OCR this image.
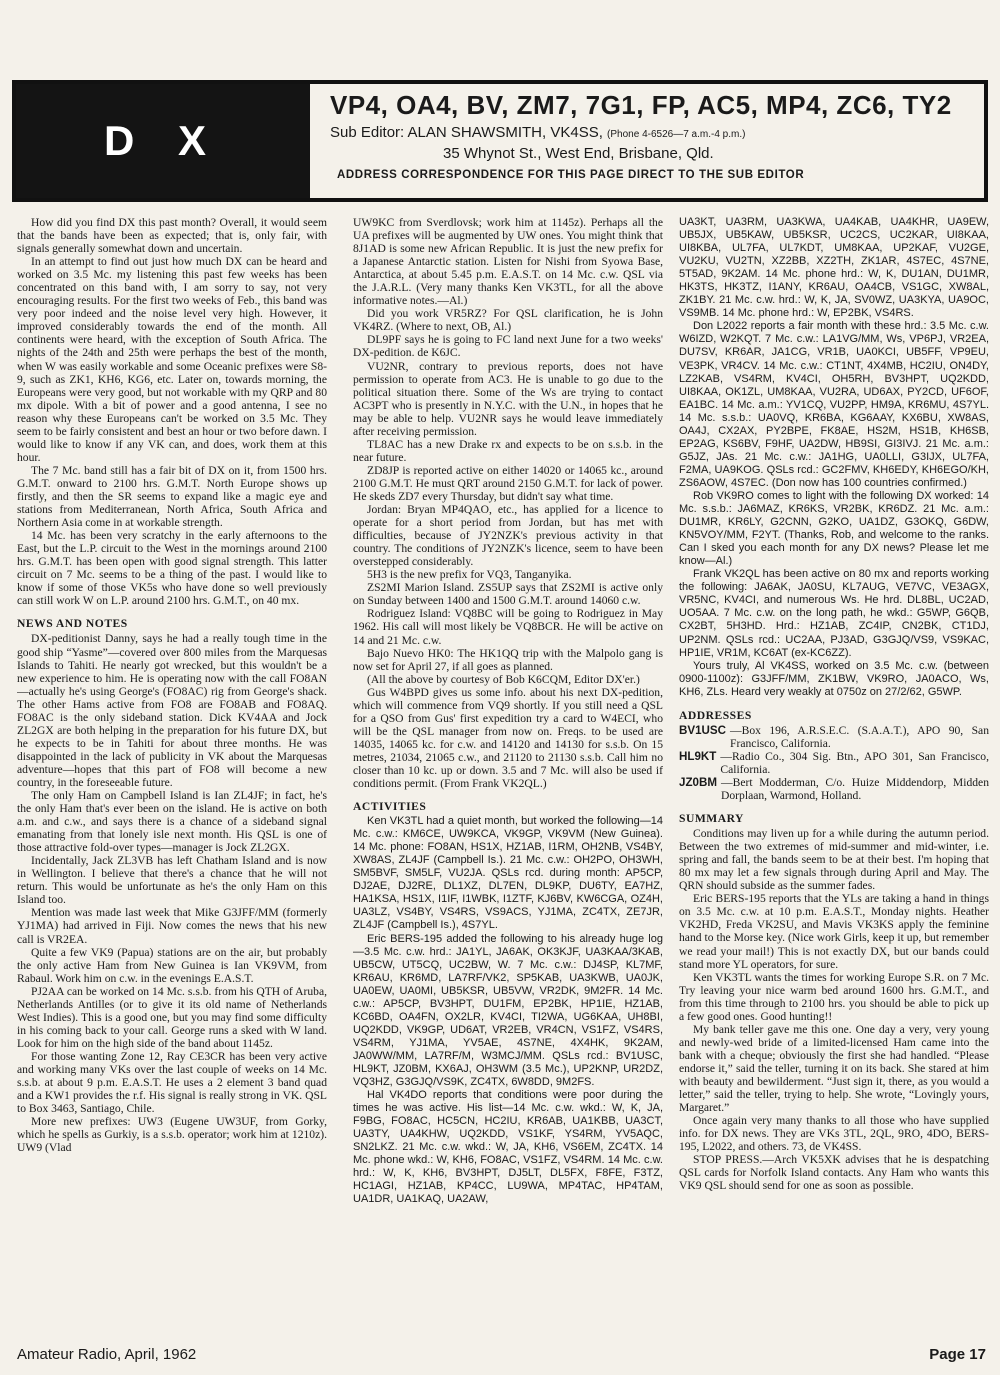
D X
VP4, OA4, BV, ZM7, 7G1, FP, AC5, MP4, ZC6, TY2
Sub Editor: ALAN SHAWSMITH, VK4SS, (Phone 4-6526—7 a.m.-4 p.m.)
35 Whynot St., West End, Brisbane, Qld.
ADDRESS CORRESPONDENCE FOR THIS PAGE DIRECT TO THE SUB EDITOR

How did you find DX this past month? Overall, it would seem that the bands have been as expected; that is, only fair, with signals generally somewhat down and uncertain.

In an attempt to find out just how much DX can be heard and worked on 3.5 Mc. my listening this past few weeks has been concentrated on this band with, I am sorry to say, not very encouraging results. For the first two weeks of Feb., this band was very poor indeed and the noise level very high. However, it improved considerably towards the end of the month. All continents were heard, with the exception of South Africa. The nights of the 24th and 25th were perhaps the best of the month, when W was easily workable and some Oceanic prefixes were S8-9, such as ZK1, KH6, KG6, etc. Later on, towards morning, the Europeans were very good, but not workable with my QRP and 80 mx dipole. With a bit of power and a good antenna, I see no reason why these Europeans can't be worked on 3.5 Mc. They seem to be fairly consistent and best an hour or two before dawn. I would like to know if any VK can, and does, work them at this hour.

The 7 Mc. band still has a fair bit of DX on it, from 1500 hrs. G.M.T. onward to 2100 hrs. G.M.T. North Europe shows up firstly, and then the SR seems to expand like a magic eye and stations from Mediterranean, North Africa, South Africa and Northern Asia come in at workable strength.

14 Mc. has been very scratchy in the early afternoons to the East, but the L.P. circuit to the West in the mornings around 2100 hrs. G.M.T. has been open with good signal strength. This latter circuit on 7 Mc. seems to be a thing of the past. I would like to know if some of those VK5s who have done so well previously can still work W on L.P. around 2100 hrs. G.M.T., on 40 mx.

NEWS AND NOTES

DX-peditionist Danny, says he had a really tough time in the good ship “Yasme”—covered over 800 miles from the Marquesas Islands to Tahiti. He nearly got wrecked, but this wouldn't be a new experience to him. He is operating now with the call FO8AN—actually he's using George's (FO8AC) rig from George's shack. The other Hams active from FO8 are FO8AB and FO8AQ. FO8AC is the only sideband station. Dick KV4AA and Jock ZL2GX are both helping in the preparation for his future DX, but he expects to be in Tahiti for about three months. He was disappointed in the lack of publicity in VK about the Marquesas adventure—hopes that this part of FO8 will become a new country, in the foreseeable future.

The only Ham on Campbell Island is Ian ZL4JF; in fact, he's the only Ham that's ever been on the island. He is active on both a.m. and c.w., and says there is a chance of a sideband signal emanating from that lonely isle next month. His QSL is one of those attractive fold-over types—manager is Jock ZL2GX.

Incidentally, Jack ZL3VB has left Chatham Island and is now in Wellington. I believe that there's a chance that he will not return. This would be unfortunate as he's the only Ham on this Island too.

Mention was made last week that Mike G3JFF/MM (formerly YJ1MA) had arrived in Fiji. Now comes the news that his new call is VR2EA.

Quite a few VK9 (Papua) stations are on the air, but probably the only active Ham from New Guinea is Ian VK9VM, from Rabaul. Work him on c.w. in the evenings E.A.S.T.

PJ2AA can be worked on 14 Mc. s.s.b. from his QTH of Aruba, Netherlands Antilles (or to give it its old name of Netherlands West Indies). This is a good one, but you may find some difficulty in his coming back to your call. George runs a sked with W land. Look for him on the high side of the band about 1145z.

For those wanting Zone 12, Ray CE3CR has been very active and working many VKs over the last couple of weeks on 14 Mc. s.s.b. at about 9 p.m. E.A.S.T. He uses a 2 element 3 band quad and a KW1 provides the r.f. His signal is really strong in VK. QSL to Box 3463, Santiago, Chile.

More new prefixes: UW3 (Eugene UW3UF, from Gorky, which he spells as Gurkiy, is a s.s.b. operator; work him at 1210z). UW9 (Vlad

UW9KC from Sverdlovsk; work him at 1145z). Perhaps all the UA prefixes will be augmented by UW ones. You might think that 8J1AD is some new African Republic. It is just the new prefix for a Japanese Antarctic station. Listen for Nishi from Syowa Base, Antarctica, at about 5.45 p.m. E.A.S.T. on 14 Mc. c.w. QSL via the J.A.R.L. (Very many thanks Ken VK3TL, for all the above informative notes.—Al.)

Did you work VR5RZ? For QSL clarification, he is John VK4RZ. (Where to next, OB, Al.)

DL9PF says he is going to FC land next June for a two weeks' DX-pedition. de K6JC.

VU2NR, contrary to previous reports, does not have permission to operate from AC3. He is unable to go due to the political situation there. Some of the Ws are trying to contact AC3PT who is presently in N.Y.C. with the U.N., in hopes that he may be able to help. VU2NR says he would leave immediately after receiving permission.

TL8AC has a new Drake rx and expects to be on s.s.b. in the near future.

ZD8JP is reported active on either 14020 or 14065 kc., around 2100 G.M.T. He must QRT around 2150 G.M.T. for lack of power. He skeds ZD7 every Thursday, but didn't say what time.

Jordan: Bryan MP4QAO, etc., has applied for a licence to operate for a short period from Jordan, but has met with difficulties, because of JY2NZK's previous activity in that country. The conditions of JY2NZK's licence, seem to have been overstepped considerably.

5H3 is the new prefix for VQ3, Tanganyika.

ZS2MI Marion Island. ZS5UP says that ZS2MI is active only on Sunday between 1400 and 1500 G.M.T. around 14060 c.w.

Rodriguez Island: VQ8BC will be going to Rodriguez in May 1962. His call will most likely be VQ8BCR. He will be active on 14 and 21 Mc. c.w.

Bajo Nuevo HK0: The HK1QQ trip with the Malpolo gang is now set for April 27, if all goes as planned.

(All the above by courtesy of Bob K6CQM, Editor DX'er.)

Gus W4BPD gives us some info. about his next DX-pedition, which will commence from VQ9 shortly. If you still need a QSL for a QSO from Gus' first expedition try a card to W4ECI, who will be the QSL manager from now on. Freqs. to be used are 14035, 14065 kc. for c.w. and 14120 and 14130 for s.s.b. On 15 metres, 21034, 21065 c.w., and 21120 to 21130 s.s.b. Call him no closer than 10 kc. up or down. 3.5 and 7 Mc. will also be used if conditions permit. (From Frank VK2QL.)

ACTIVITIES

Ken VK3TL had a quiet month, but worked the following—14 Mc. c.w.: KM6CE, UW9KCA, VK9GP, VK9VM (New Guinea). 14 Mc. phone: FO8AN, HS1X, HZ1AB, I1RM, OH2NB, VS4BY, XW8AS, ZL4JF (Campbell Is.). 21 Mc. c.w.: OH2PO, OH3WH, SM5BVF, SM5LF, VU2JA. QSLs rcd. during month: AP5CP, DJ2AE, DJ2RE, DL1XZ, DL7EN, DL9KP, DU6TY, EA7HZ, HA1KSA, HS1X, I1IF, I1WBK, I1ZTF, KJ6BV, KW6CGA, OZ4H, UA3LZ, VS4BY, VS4RS, VS9ACS, YJ1MA, ZC4TX, ZE7JR, ZL4JF (Campbell Is.), 4S7YL.

Eric BERS-195 added the following to his already huge log—3.5 Mc. c.w. hrd.: JA1YL, JA6AK, OK3KJF, UA3KAA/3KAB, UB5CW, UT5CQ, UC2BW, W. 7 Mc. c.w.: DJ4SP, KL7MF, KR6AU, KR6MD, LA7RF/VK2, SP5KAB, UA3KWB, UA0JK, UA0EW, UA0MI, UB5KSR, UB5VW, VR2DK, 9M2FR. 14 Mc. c.w.: AP5CP, BV3HPT, DU1FM, EP2BK, HP1IE, HZ1AB, KC6BD, OA4FN, OX2LR, KV4CI, TI2WA, UG6KAA, UH8BI, UQ2KDD, VK9GP, UD6AT, VR2EB, VR4CN, VS1FZ, VS4RS, VS4RM, YJ1MA, YV5AE, 4S7NE, 4X4HK, 9K2AM, JA0WW/MM, LA7RF/M, W3MCJ/MM. QSLs rcd.: BV1USC, HL9KT, JZ0BM, KX6AJ, OH3WM (3.5 Mc.), UP2KNP, UR2DZ, VQ3HZ, G3GJQ/VS9K, ZC4TX, 6W8DD, 9M2FS.

Hal VK4DO reports that conditions were poor during the times he was active. His list—14 Mc. c.w. wkd.: W, K, JA, F9BG, FO8AC, HC5CN, HC2IU, KR6AB, UA1KBB, UA3CT, UA3TY, UA4KHW, UQ2KDD, VS1KF, YS4RM, YV5AQC, SN2LKZ. 21 Mc. c.w. wkd.: W, JA, KH6, VS6EM, ZC4TX. 14 Mc. phone wkd.: W, KH6, FO8AC, VS1FZ, VS4RM. 14 Mc. c.w. hrd.: W, K, KH6, BV3HPT, DJ5LT, DL5FX, F8FE, F3TZ, HC1AGI, HZ1AB, KP4CC, LU9WA, MP4TAC, HP4TAM, UA1DR, UA1KAQ, UA2AW,

UA3KT, UA3RM, UA3KWA, UA4KAB, UA4KHR, UA9EW, UB5JX, UB5KAW, UB5KSR, UC2CS, UC2KAR, UI8KAA, UI8KBA, UL7FA, UL7KDT, UM8KAA, UP2KAF, VU2GE, VU2KU, VU2TN, XZ2BB, XZ2TH, ZK1AR, 4S7EC, 4S7NE, 5T5AD, 9K2AM. 14 Mc. phone hrd.: W, K, DU1AN, DU1MR, HK3TS, HK3TZ, I1ANY, KR6AU, OA4CB, VS1GC, XW8AL, ZK1BY. 21 Mc. c.w. hrd.: W, K, JA, SV0WZ, UA3KYA, UA9OC, VS9MB. 14 Mc. phone hrd.: W, EP2BK, VS4RS.

Don L2022 reports a fair month with these hrd.: 3.5 Mc. c.w. W6IZD, W2KQT. 7 Mc. c.w.: LA1VG/MM, Ws, VP6PJ, VR2EA, DU7SV, KR6AR, JA1CG, VR1B, UA0KCI, UB5FF, VP9EU, VE3PK, VR4CV. 14 Mc. c.w.: CT1NT, 4X4MB, HC2IU, ON4DY, LZ2KAB, VS4RM, KV4CI, OH5RH, BV3HPT, UQ2KDD, UI8KAA, OK1ZL, UM8KAA, VU2RA, UD6AX, PY2CD, UF6OF, EA1BC. 14 Mc. a.m.: YV1CQ, VU2PP, HM9A, KR6MU, 4S7YL. 14 Mc. s.s.b.: UA0VQ, KR6BA, KG6AAY, KX6BU, XW8AS, OA4J, CX2AX, PY2BPE, FK8AE, HS2M, HS1B, KH6SB, EP2AG, KS6BV, F9HF, UA2DW, HB9SI, GI3IVJ. 21 Mc. a.m.: G5JZ, JAs. 21 Mc. c.w.: JA1HG, UA0LLI, G3IJX, UL7FA, F2MA, UA9KOG. QSLs rcd.: GC2FMV, KH6EDY, KH6EGO/KH, ZS6AOW, 4S7EC. (Don now has 100 countries confirmed.)

Rob VK9RO comes to light with the following DX worked: 14 Mc. s.s.b.: JA6MAZ, KR6KS, VR2BK, KR6DZ. 21 Mc. a.m.: DU1MR, KR6LY, G2CNN, G2KO, UA1DZ, G3OKQ, G6DW, KN5VOY/MM, F2YT. (Thanks, Rob, and welcome to the ranks. Can I sked you each month for any DX news? Please let me know—Al.)

Frank VK2QL has been active on 80 mx and reports working the following: JA6AK, JA0SU, KL7AUG, VE7VC, VE3AGX, VR5NC, KV4CI, and numerous Ws. He hrd. DL8BL, UC2AD, UO5AA. 7 Mc. c.w. on the long path, he wkd.: G5WP, G6QB, CX2BT, 5H3HD. Hrd.: HZ1AB, ZC4IP, CN2BK, CT1DJ, UP2NM. QSLs rcd.: UC2AA, PJ3AD, G3GJQ/VS9, VS9KAC, HP1IE, VR1M, KC6AT (ex-KC6ZZ).

Yours truly, Al VK4SS, worked on 3.5 Mc. c.w. (between 0900-1100z): G3JFF/MM, ZK1BW, VK9RO, JA0ACO, Ws, KH6, ZLs. Heard very weakly at 0750z on 27/2/62, G5WP.

ADDRESSES
BV1USC —Box 196, A.R.S.E.C. (S.A.A.T.), APO 90, San Francisco, California.
HL9KT —Radio Co., 304 Sig. Btn., APO 301, San Francisco, California.
JZ0BM —Bert Modderman, C/o. Huize Middendorp, Midden Dorplaan, Warmond, Holland.
SUMMARY

Conditions may liven up for a while during the autumn period. Between the two extremes of mid-summer and mid-winter, i.e. spring and fall, the bands seem to be at their best. I'm hoping that 80 mx may let a few signals through during April and May. The QRN should subside as the summer fades.

Eric BERS-195 reports that the YLs are taking a hand in things on 3.5 Mc. c.w. at 10 p.m. E.A.S.T., Monday nights. Heather VK2HD, Freda VK2SU, and Mavis VK3KS apply the feminine hand to the Morse key. (Nice work Girls, keep it up, but remember we read your mail!) This is not exactly DX, but our bands could stand more YL operators, for sure.

Ken VK3TL wants the times for working Europe S.R. on 7 Mc. Try leaving your nice warm bed around 1600 hrs. G.M.T., and from this time through to 2100 hrs. you should be able to pick up a few good ones. Good hunting!!

My bank teller gave me this one. One day a very, very young and newly-wed bride of a limited-licensed Ham came into the bank with a cheque; obviously the first she had handled. “Please endorse it,” said the teller, turning it on its back. She stared at him with beauty and bewilderment. “Just sign it, there, as you would a letter,” said the teller, trying to help. She wrote, “Lovingly yours, Margaret.”

Once again very many thanks to all those who have supplied info. for DX news. They are VKs 3TL, 2QL, 9RO, 4DO, BERS-195, L2022, and others. 73, de VK4SS.

STOP PRESS.—Arch VK5XK advises that he is despatching QSL cards for Norfolk Island contacts. Any Ham who wants this VK9 QSL should send for one as soon as possible.

Amateur Radio, April, 1962	Page 17
